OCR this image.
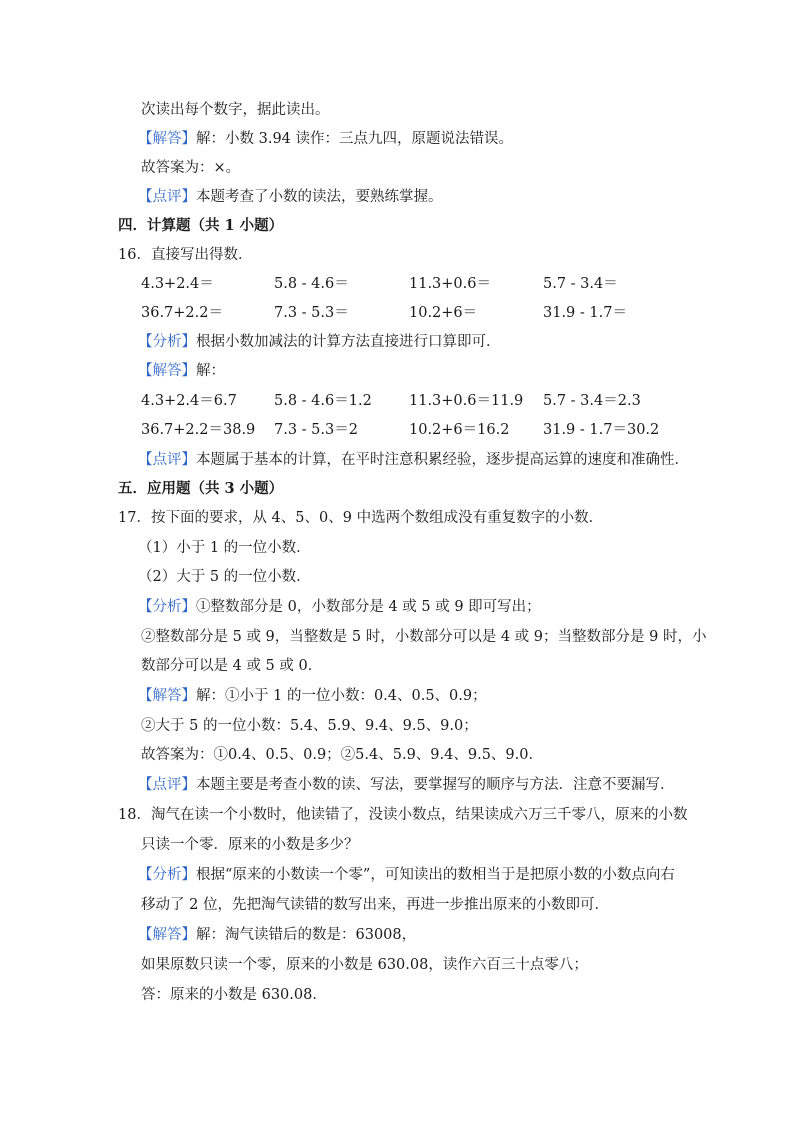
次读出每个数字，据此读出。
【解答】解：小数 3.94 读作：三点九四，原题说法错误。
故答案为：×。
【点评】本题考查了小数的读法，要熟练掌握。
四．计算题（共 1 小题）
16．直接写出得数．
4.3+2.4＝	5.8 - 4.6＝	11.3+0.6＝	5.7 - 3.4＝
36.7+2.2＝	7.3 - 5.3＝	10.2+6＝	31.9 - 1.7＝
【分析】根据小数加减法的计算方法直接进行口算即可．
【解答】解：
4.3+2.4＝6.7	5.8 - 4.6＝1.2	11.3+0.6＝11.9 5.7 - 3.4＝2.3
36.7+2.2＝38.9 7.3 - 5.3＝2	10.2+6＝16.2 31.9 - 1.7＝30.2
【点评】本题属于基本的计算，在平时注意积累经验，逐步提高运算的速度和准确性．
五．应用题（共 3 小题）
17．按下面的要求，从 4、5、0、9 中选两个数组成没有重复数字的小数．
（1）小于 1 的一位小数．
（2）大于 5 的一位小数．
【分析】①整数部分是 0，小数部分是 4 或 5 或 9 即可写出；
②整数部分是 5 或 9，当整数是 5 时，小数部分可以是 4 或 9；当整数部分是 9 时，小
数部分可以是 4 或 5 或 0．
【解答】解：①小于 1 的一位小数：0.4、0.5、0.9；
②大于 5 的一位小数：5.4、5.9、9.4、9.5、9.0；
故答案为：①0.4、0.5、0.9；②5.4、5.9、9.4、9.5、9.0．
【点评】本题主要是考查小数的读、写法，要掌握写的顺序与方法．注意不要漏写．
18．淘气在读一个小数时，他读错了，没读小数点，结果读成六万三千零八，原来的小数
只读一个零．原来的小数是多少？
【分析】根据“原来的小数读一个零”，可知读出的数相当于是把原小数的小数点向右
移动了 2 位，先把淘气读错的数写出来，再进一步推出原来的小数即可．
【解答】解：淘气读错后的数是：63008，
如果原数只读一个零，原来的小数是 630.08，读作六百三十点零八；
答：原来的小数是 630.08．
